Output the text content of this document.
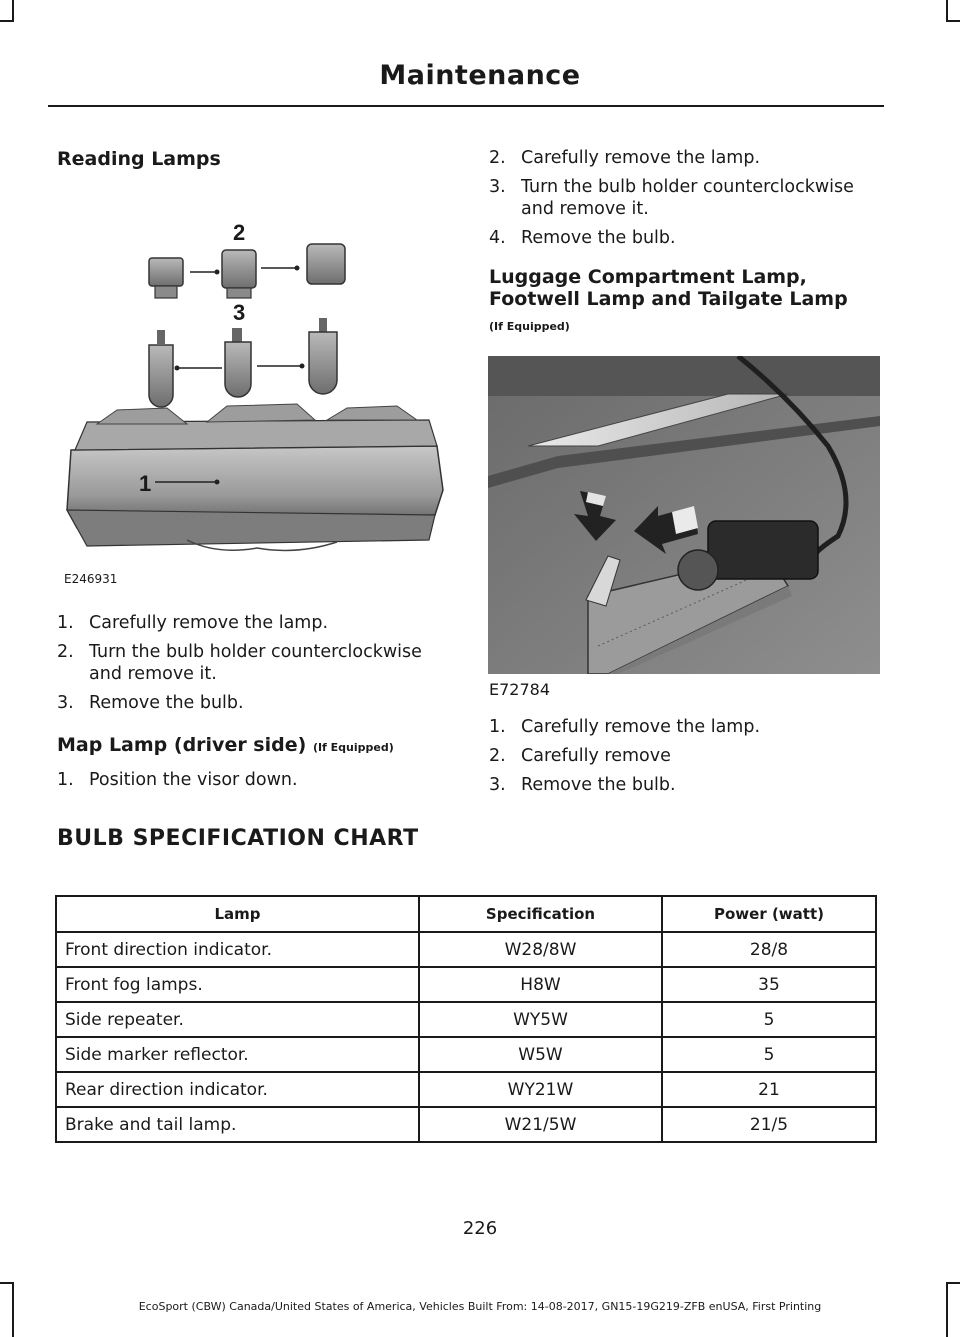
Maintenance
Reading Lamps
2
3
1
E246931
1. Carefully remove the lamp.
2. Turn the bulb holder counterclockwise and remove it.
3. Remove the bulb.
Map Lamp (driver side) (If Equipped)
1. Position the visor down.
2. Carefully remove the lamp.
3. Turn the bulb holder counterclockwise and remove it.
4. Remove the bulb.
Luggage Compartment Lamp, Footwell Lamp and Tailgate Lamp
(If Equipped)
E72784
1. Carefully remove the lamp.
2. Carefully remove
3. Remove the bulb.
BULB SPECIFICATION CHART
Lamp	Specification	Power (watt)
Front direction indicator.	W28/8W	28/8
Front fog lamps.	H8W	35
Side repeater.	WY5W	5
Side marker reflector.	W5W	5
Rear direction indicator.	WY21W	21
Brake and tail lamp.	W21/5W	21/5
226
EcoSport (CBW) Canada/United States of America, Vehicles Built From: 14-08-2017, GN15-19G219-ZFB enUSA, First Printing
